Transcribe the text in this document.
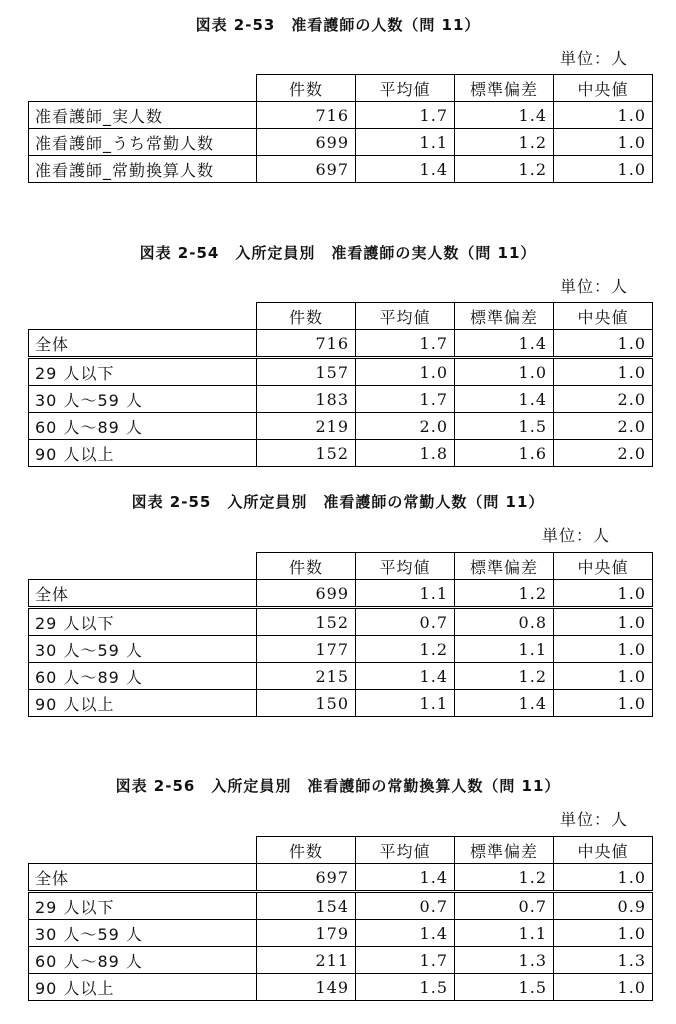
図表 2-53　准看護師の人数（問 11）
単位：人
	件数	平均値	標準偏差	中央値
准看護師_実人数	716	1.7	1.4	1.0
准看護師_うち常勤人数	699	1.1	1.2	1.0
准看護師_常勤換算人数	697	1.4	1.2	1.0
図表 2-54　入所定員別　准看護師の実人数（問 11）
単位：人
	件数	平均値	標準偏差	中央値
全体	716	1.7	1.4	1.0
29 人以下	157	1.0	1.0	1.0
30 人～59 人	183	1.7	1.4	2.0
60 人～89 人	219	2.0	1.5	2.0
90 人以上	152	1.8	1.6	2.0
図表 2-55　入所定員別　准看護師の常勤人数（問 11）
単位：人
	件数	平均値	標準偏差	中央値
全体	699	1.1	1.2	1.0
29 人以下	152	0.7	0.8	1.0
30 人～59 人	177	1.2	1.1	1.0
60 人～89 人	215	1.4	1.2	1.0
90 人以上	150	1.1	1.4	1.0
図表 2-56　入所定員別　准看護師の常勤換算人数（問 11）
単位：人
	件数	平均値	標準偏差	中央値
全体	697	1.4	1.2	1.0
29 人以下	154	0.7	0.7	0.9
30 人～59 人	179	1.4	1.1	1.0
60 人～89 人	211	1.7	1.3	1.3
90 人以上	149	1.5	1.5	1.0
